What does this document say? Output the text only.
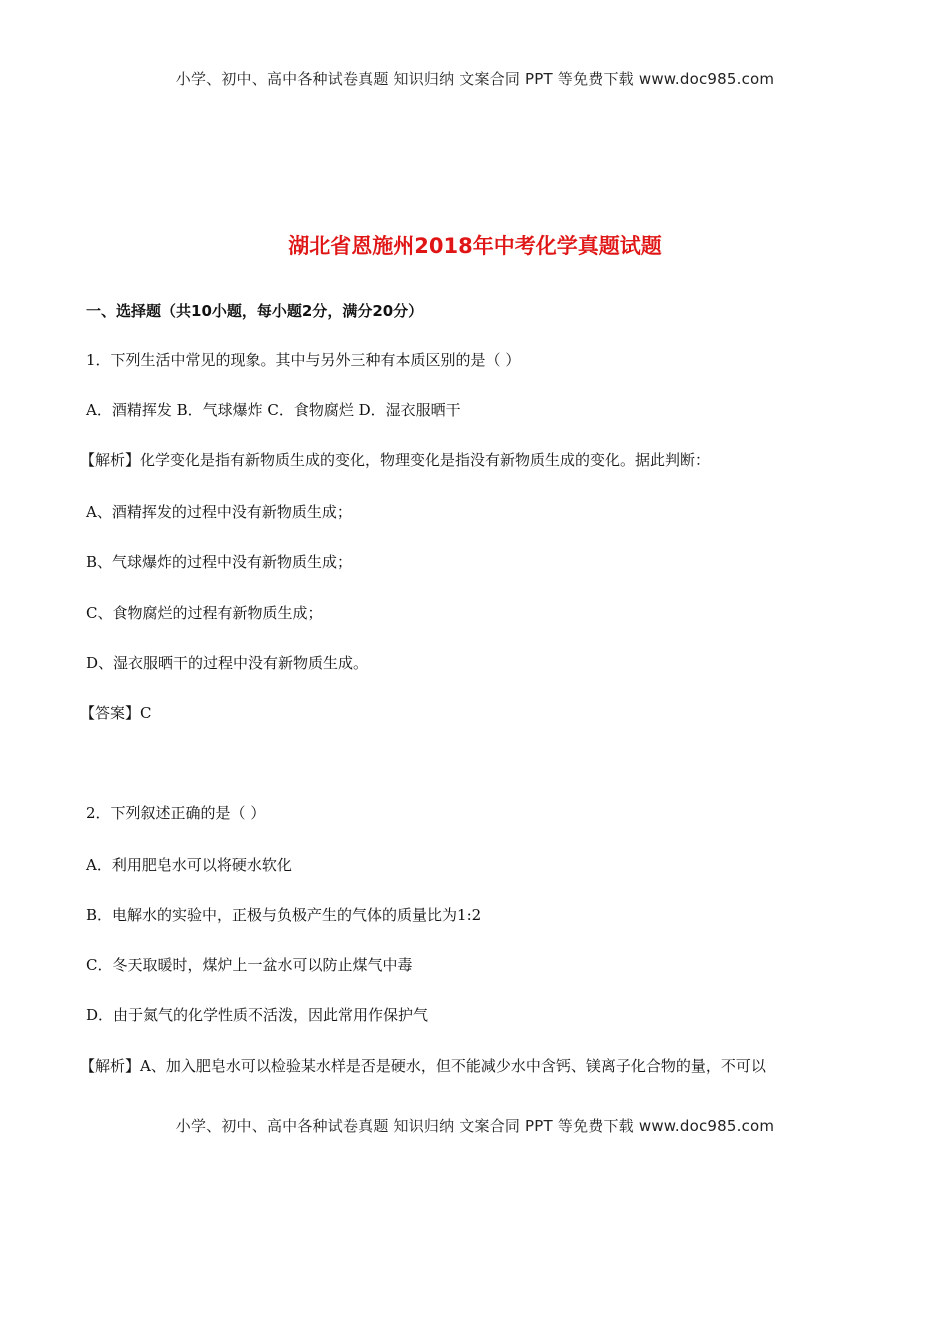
小学、初中、高中各种试卷真题 知识归纳 文案合同 PPT 等免费下载 www.doc985.com
湖北省恩施州2018年中考化学真题试题
一、选择题（共10小题，每小题2分，满分20分）
1．下列生活中常见的现象。其中与另外三种有本质区别的是（ ）
A．酒精挥发 B．气球爆炸 C．食物腐烂 D．湿衣服晒干
【解析】化学变化是指有新物质生成的变化，物理变化是指没有新物质生成的变化。据此判断：
A、酒精挥发的过程中没有新物质生成；
B、气球爆炸的过程中没有新物质生成；
C、食物腐烂的过程有新物质生成；
D、湿衣服晒干的过程中没有新物质生成。
【答案】C
2．下列叙述正确的是（ ）
A．利用肥皂水可以将硬水软化
B．电解水的实验中，正极与负极产生的气体的质量比为1:2
C．冬天取暖时，煤炉上一盆水可以防止煤气中毒
D．由于氮气的化学性质不活泼，因此常用作保护气
【解析】A、加入肥皂水可以检验某水样是否是硬水，但不能减少水中含钙、镁离子化合物的量，不可以
小学、初中、高中各种试卷真题 知识归纳 文案合同 PPT 等免费下载 www.doc985.com
